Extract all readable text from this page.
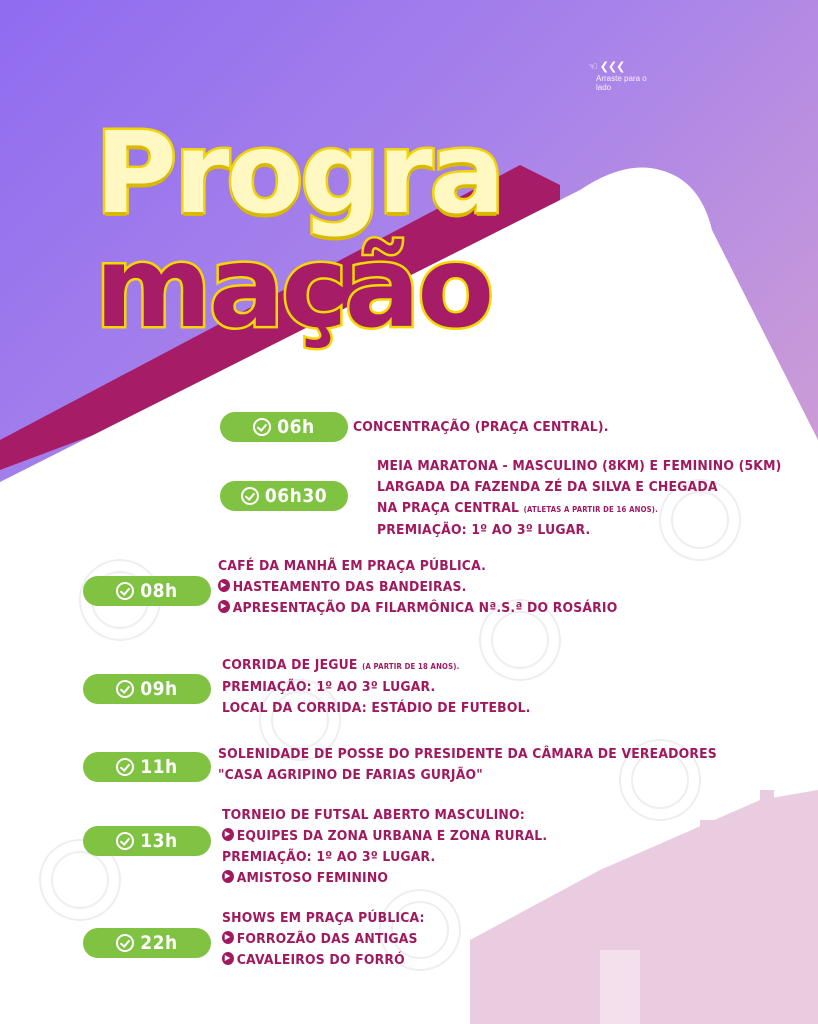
☜ ❮❮❮
Arraste para o lado
Progra
mação
06h	CONCENTRAÇÃO (PRAÇA CENTRAL).
06h30
MEIA MARATONA - MASCULINO (8KM) E FEMININO (5KM)
LARGADA DA FAZENDA ZÉ DA SILVA E CHEGADA
NA PRAÇA CENTRAL (ATLETAS A PARTIR DE 16 ANOS).
PREMIAÇÃO: 1º AO 3º LUGAR.
08h
CAFÉ DA MANHÃ EM PRAÇA PÚBLICA.
HASTEAMENTO DAS BANDEIRAS.
APRESENTAÇÃO DA FILARMÔNICA Nª.S.ª DO ROSÁRIO
09h
CORRIDA DE JEGUE (A PARTIR DE 18 ANOS).
PREMIAÇÃO: 1º AO 3º LUGAR.
LOCAL DA CORRIDA: ESTÁDIO DE FUTEBOL.
11h
SOLENIDADE DE POSSE DO PRESIDENTE DA CÂMARA DE VEREADORES
"CASA AGRIPINO DE FARIAS GURJÃO"
13h
TORNEIO DE FUTSAL ABERTO MASCULINO:
EQUIPES DA ZONA URBANA E ZONA RURAL.
PREMIAÇÃO: 1º AO 3º LUGAR.
AMISTOSO FEMININO
22h
SHOWS EM PRAÇA PÚBLICA:
FORROZÃO DAS ANTIGAS
CAVALEIROS DO FORRÓ
